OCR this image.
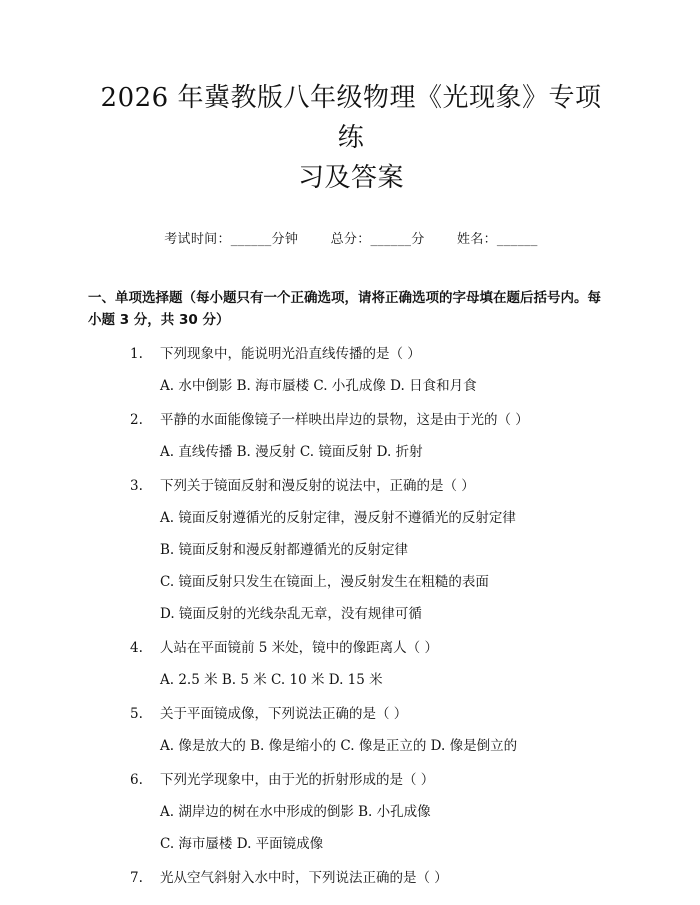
2026 年冀教版八年级物理《光现象》专项练
习及答案
考试时间：______分钟 总分：______分 姓名：______
一、单项选择题（每小题只有一个正确选项，请将正确选项的字母填在题后括号内。每小题 3 分，共 30 分）
1.	下列现象中，能说明光沿直线传播的是（ ）
A. 水中倒影 B. 海市蜃楼 C. 小孔成像 D. 日食和月食
2.	平静的水面能像镜子一样映出岸边的景物，这是由于光的（ ）
A. 直线传播 B. 漫反射 C. 镜面反射 D. 折射
3.	下列关于镜面反射和漫反射的说法中，正确的是（ ）
A. 镜面反射遵循光的反射定律，漫反射不遵循光的反射定律
B. 镜面反射和漫反射都遵循光的反射定律
C. 镜面反射只发生在镜面上，漫反射发生在粗糙的表面
D. 镜面反射的光线杂乱无章，没有规律可循
4.	人站在平面镜前 5 米处，镜中的像距离人（ ）
A. 2.5 米 B. 5 米 C. 10 米 D. 15 米
5.	关于平面镜成像，下列说法正确的是（ ）
A. 像是放大的 B. 像是缩小的 C. 像是正立的 D. 像是倒立的
6.	下列光学现象中，由于光的折射形成的是（ ）
A. 湖岸边的树在水中形成的倒影 B. 小孔成像
C. 海市蜃楼 D. 平面镜成像
7.	光从空气斜射入水中时，下列说法正确的是（ ）
